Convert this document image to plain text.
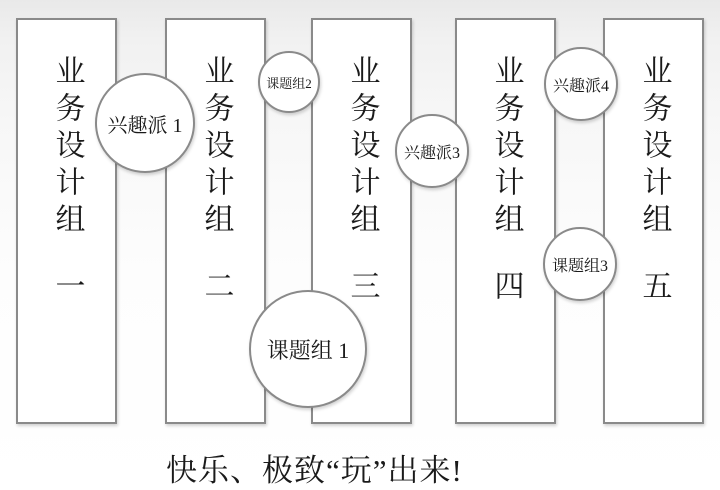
业务设计组一
业务设计组二
业务设计组三
业务设计组四
业务设计组五
兴趣派 1
课题组2
课题组 1
兴趣派3
兴趣派4
课题组3
快乐、极致“玩”出来!
